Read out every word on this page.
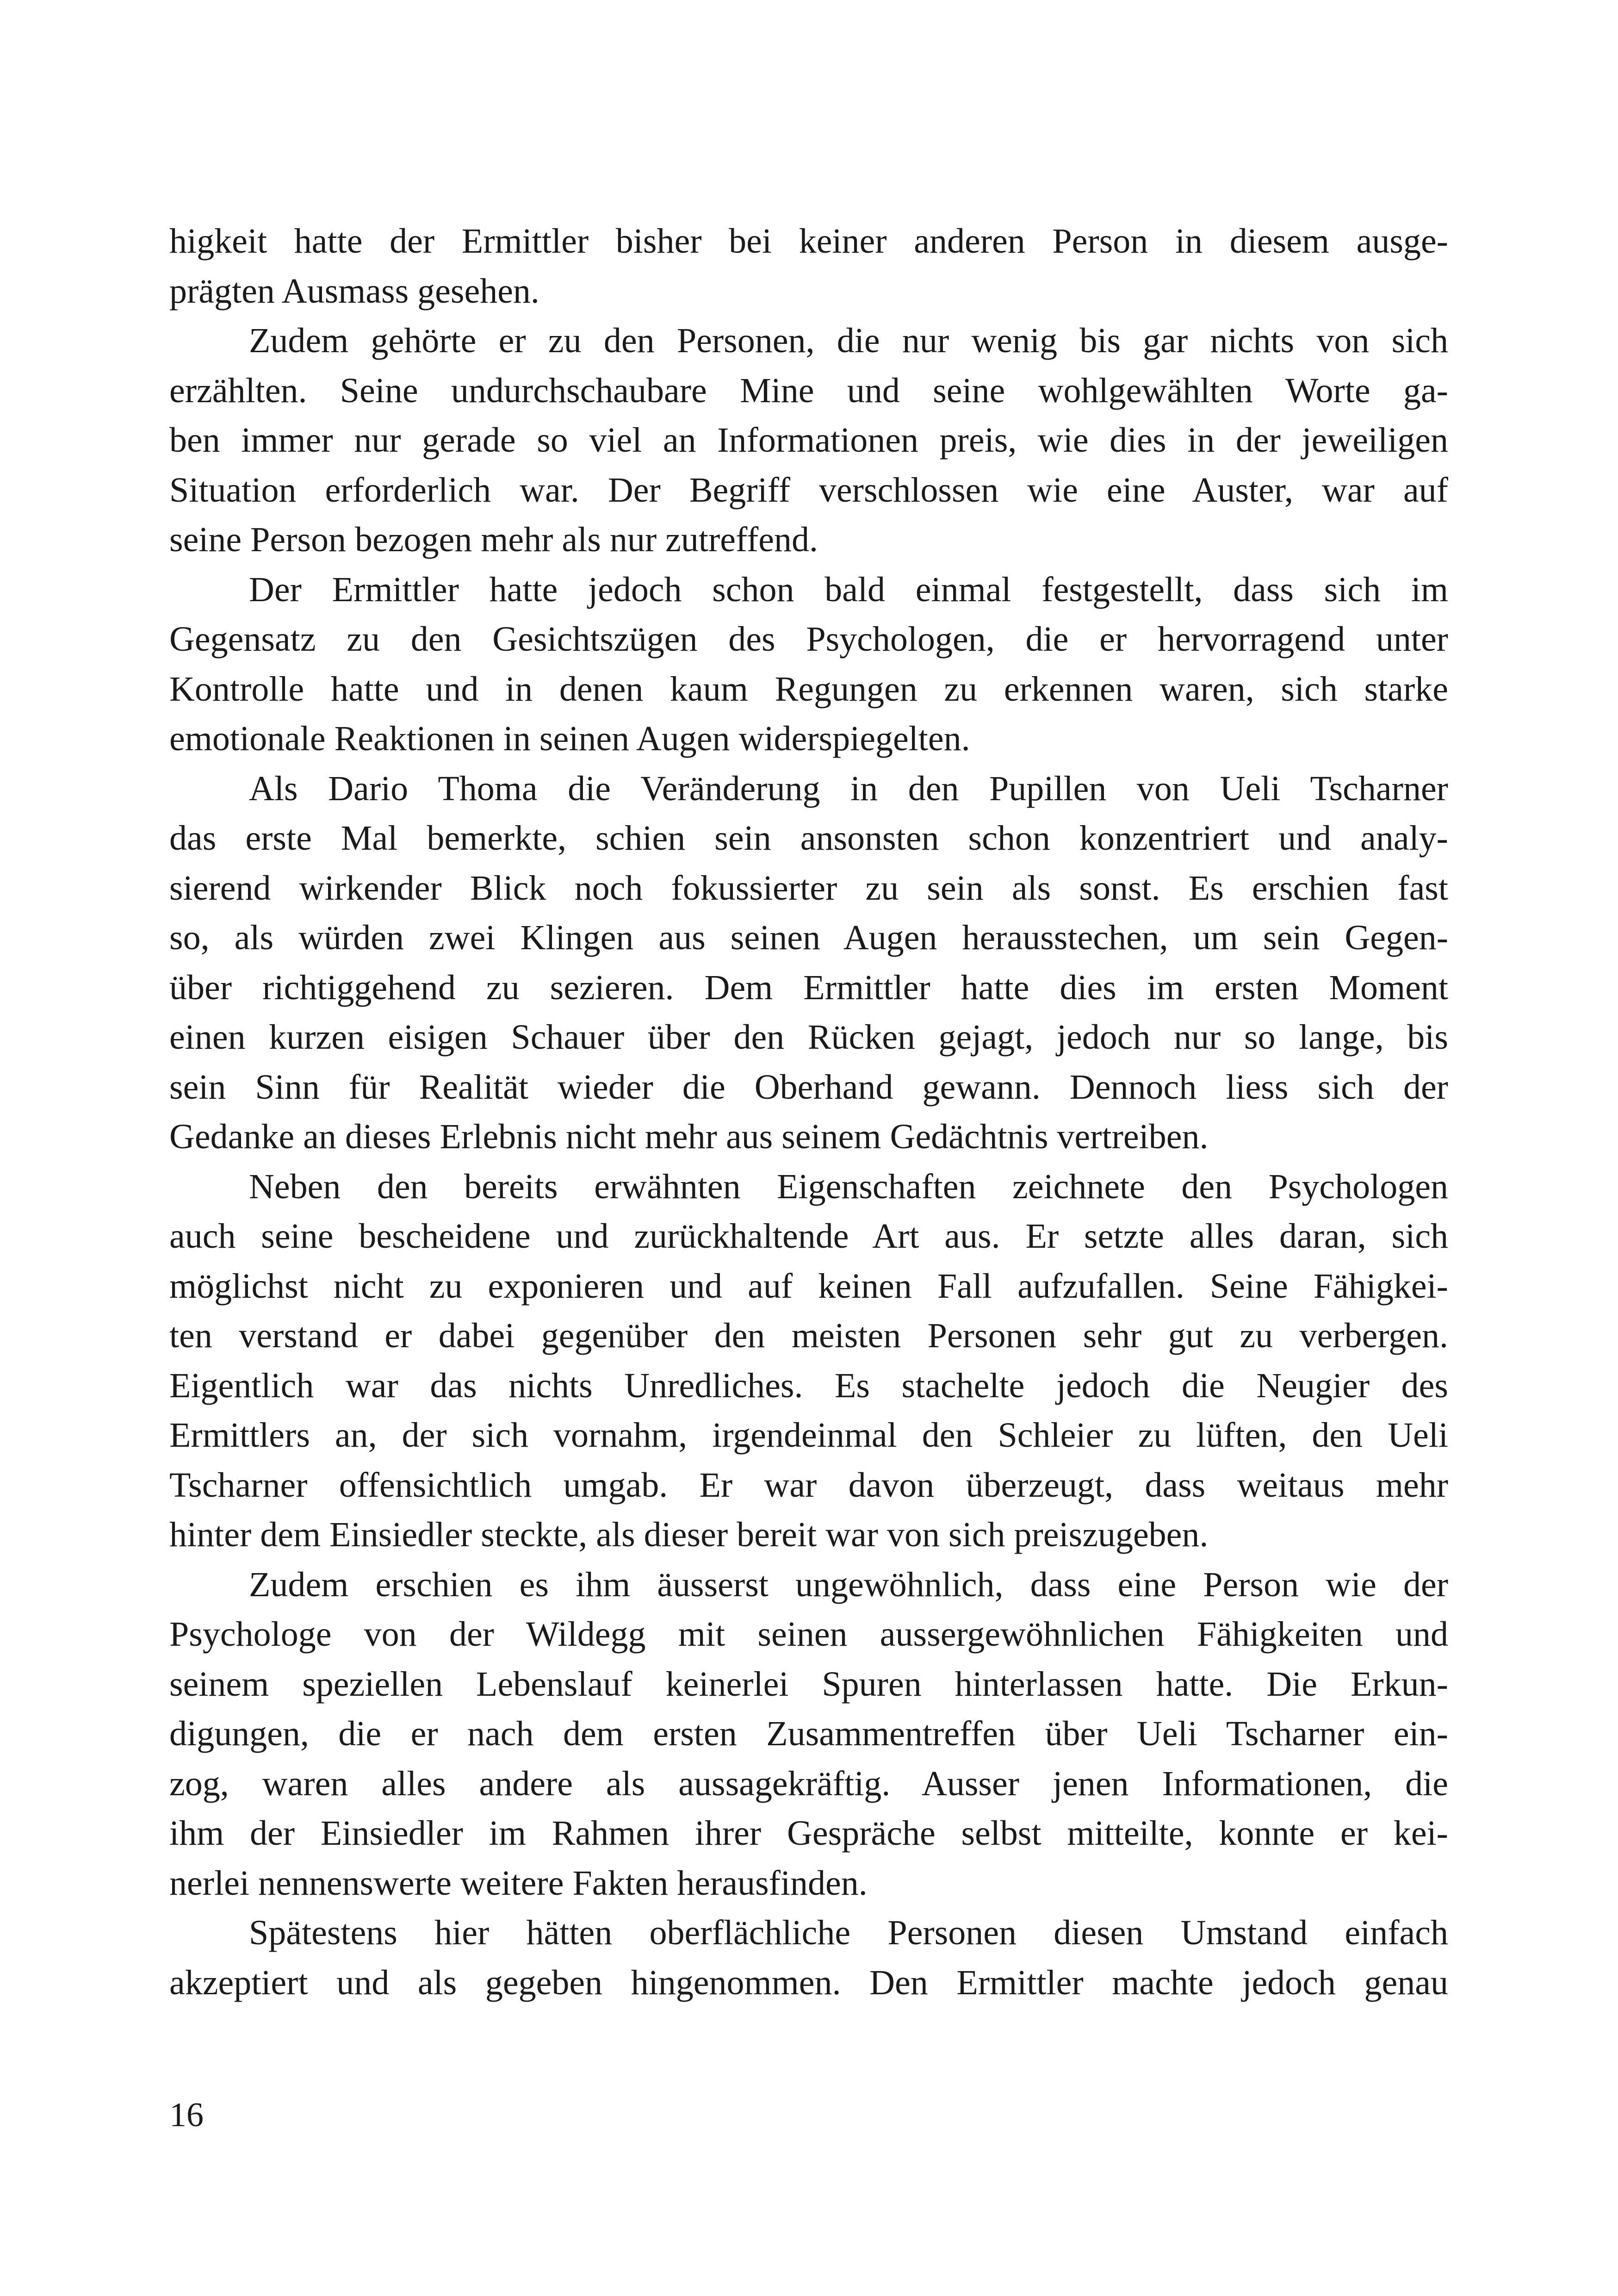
higkeit hatte der Ermittler bisher bei keiner anderen Person in diesem ausge-
prägten Ausmass gesehen.
Zudem gehörte er zu den Personen, die nur wenig bis gar nichts von sich
erzählten. Seine undurchschaubare Mine und seine wohlgewählten Worte ga-
ben immer nur gerade so viel an Informationen preis, wie dies in der jeweiligen
Situation erforderlich war. Der Begriff verschlossen wie eine Auster, war auf
seine Person bezogen mehr als nur zutreffend.
Der Ermittler hatte jedoch schon bald einmal festgestellt, dass sich im
Gegensatz zu den Gesichtszügen des Psychologen, die er hervorragend unter
Kontrolle hatte und in denen kaum Regungen zu erkennen waren, sich starke
emotionale Reaktionen in seinen Augen widerspiegelten.
Als Dario Thoma die Veränderung in den Pupillen von Ueli Tscharner
das erste Mal bemerkte, schien sein ansonsten schon konzentriert und analy-
sierend wirkender Blick noch fokussierter zu sein als sonst. Es erschien fast
so, als würden zwei Klingen aus seinen Augen herausstechen, um sein Gegen-
über richtiggehend zu sezieren. Dem Ermittler hatte dies im ersten Moment
einen kurzen eisigen Schauer über den Rücken gejagt, jedoch nur so lange, bis
sein Sinn für Realität wieder die Oberhand gewann. Dennoch liess sich der
Gedanke an dieses Erlebnis nicht mehr aus seinem Gedächtnis vertreiben.
Neben den bereits erwähnten Eigenschaften zeichnete den Psychologen
auch seine bescheidene und zurückhaltende Art aus. Er setzte alles daran, sich
möglichst nicht zu exponieren und auf keinen Fall aufzufallen. Seine Fähigkei-
ten verstand er dabei gegenüber den meisten Personen sehr gut zu verbergen.
Eigentlich war das nichts Unredliches. Es stachelte jedoch die Neugier des
Ermittlers an, der sich vornahm, irgendeinmal den Schleier zu lüften, den Ueli
Tscharner offensichtlich umgab. Er war davon überzeugt, dass weitaus mehr
hinter dem Einsiedler steckte, als dieser bereit war von sich preiszugeben.
Zudem erschien es ihm äusserst ungewöhnlich, dass eine Person wie der
Psychologe von der Wildegg mit seinen aussergewöhnlichen Fähigkeiten und
seinem speziellen Lebenslauf keinerlei Spuren hinterlassen hatte. Die Erkun-
digungen, die er nach dem ersten Zusammentreffen über Ueli Tscharner ein-
zog, waren alles andere als aussagekräftig. Ausser jenen Informationen, die
ihm der Einsiedler im Rahmen ihrer Gespräche selbst mitteilte, konnte er kei-
nerlei nennenswerte weitere Fakten herausfinden.
Spätestens hier hätten oberflächliche Personen diesen Umstand einfach
akzeptiert und als gegeben hingenommen. Den Ermittler machte jedoch genau
16
